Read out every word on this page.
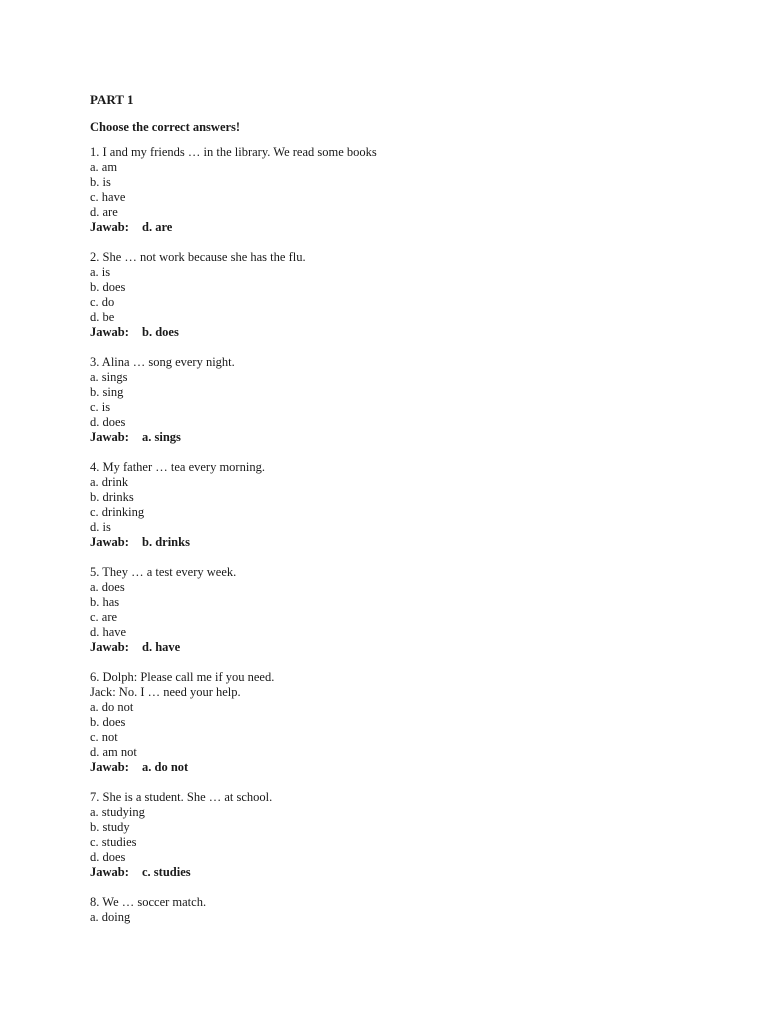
PART 1
Choose the correct answers!
1. I and my friends … in the library. We read some books
a. am
b. is
c. have
d. are
Jawab: d. are
2. She … not work because she has the flu.
a. is
b. does
c. do
d. be
Jawab: b. does
3. Alina … song every night.
a. sings
b. sing
c. is
d. does
Jawab: a. sings
4. My father … tea every morning.
a. drink
b. drinks
c. drinking
d. is
Jawab: b. drinks
5. They … a test every week.
a. does
b. has
c. are
d. have
Jawab: d. have
6. Dolph: Please call me if you need.
Jack: No. I … need your help.
a. do not
b. does
c. not
d. am not
Jawab: a. do not
7. She is a student. She … at school.
a. studying
b. study
c. studies
d. does
Jawab: c. studies
8. We … soccer match.
a. doing
